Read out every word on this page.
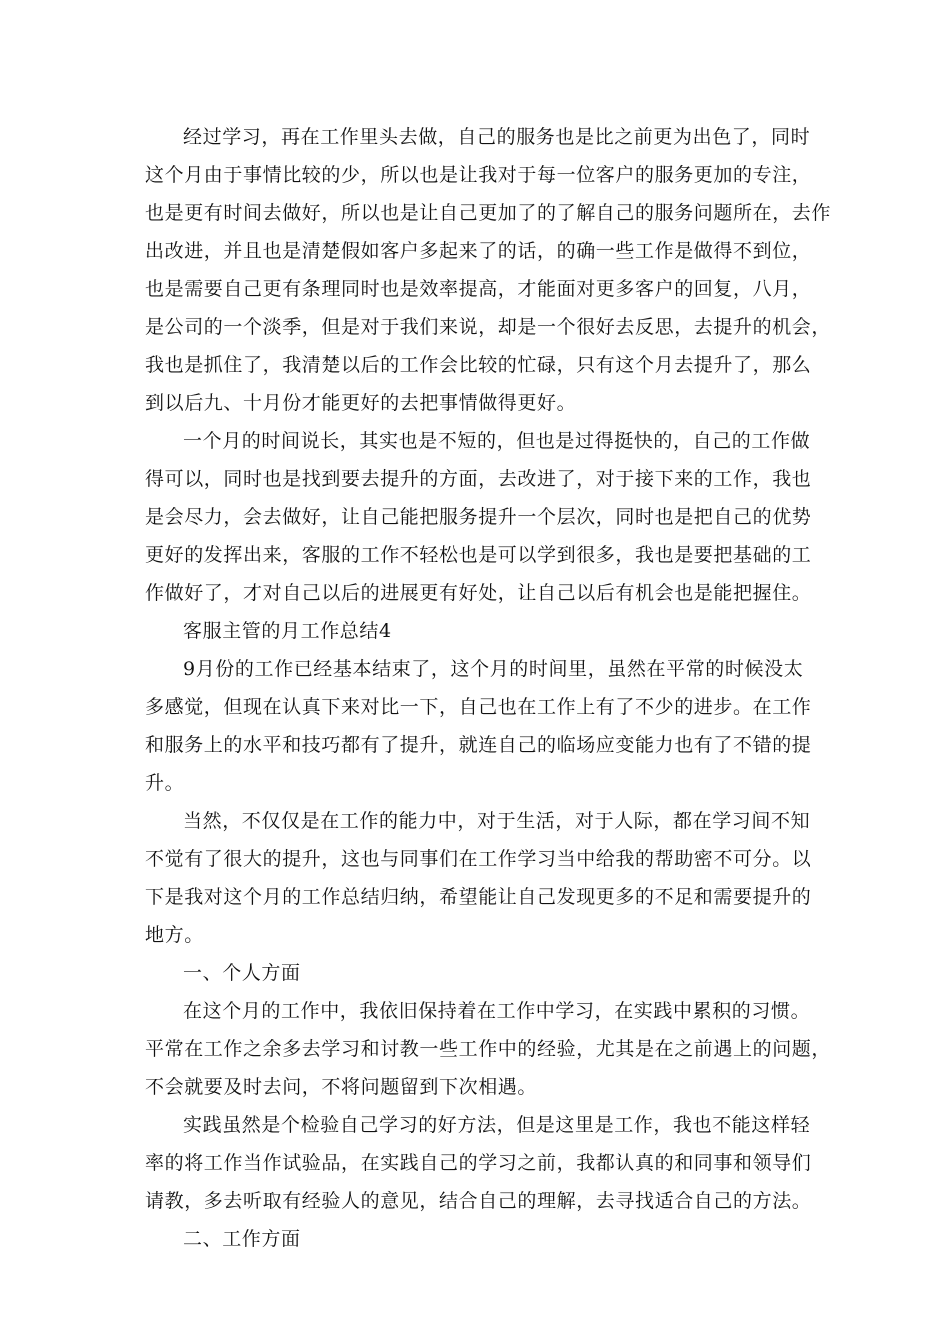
经过学习，再在工作里头去做，自己的服务也是比之前更为出色了，同时
这个月由于事情比较的少，所以也是让我对于每一位客户的服务更加的专注，
也是更有时间去做好，所以也是让自己更加了的了解自己的服务问题所在，去作
出改进，并且也是清楚假如客户多起来了的话，的确一些工作是做得不到位，
也是需要自己更有条理同时也是效率提高，才能面对更多客户的回复，八月，
是公司的一个淡季，但是对于我们来说，却是一个很好去反思，去提升的机会，
我也是抓住了，我清楚以后的工作会比较的忙碌，只有这个月去提升了，那么
到以后九、十月份才能更好的去把事情做得更好。
一个月的时间说长，其实也是不短的，但也是过得挺快的，自己的工作做
得可以，同时也是找到要去提升的方面，去改进了，对于接下来的工作，我也
是会尽力，会去做好，让自己能把服务提升一个层次，同时也是把自己的优势
更好的发挥出来，客服的工作不轻松也是可以学到很多，我也是要把基础的工
作做好了，才对自己以后的进展更有好处，让自己以后有机会也是能把握住。
客服主管的月工作总结4
9月份的工作已经基本结束了，这个月的时间里，虽然在平常的时候没太
多感觉，但现在认真下来对比一下，自己也在工作上有了不少的进步。在工作
和服务上的水平和技巧都有了提升，就连自己的临场应变能力也有了不错的提
升。
当然，不仅仅是在工作的能力中，对于生活，对于人际，都在学习间不知
不觉有了很大的提升，这也与同事们在工作学习当中给我的帮助密不可分。以
下是我对这个月的工作总结归纳，希望能让自己发现更多的不足和需要提升的
地方。
一、个人方面
在这个月的工作中，我依旧保持着在工作中学习，在实践中累积的习惯。
平常在工作之余多去学习和讨教一些工作中的经验，尤其是在之前遇上的问题，
不会就要及时去问，不将问题留到下次相遇。
实践虽然是个检验自己学习的好方法，但是这里是工作，我也不能这样轻
率的将工作当作试验品，在实践自己的学习之前，我都认真的和同事和领导们
请教，多去听取有经验人的意见，结合自己的理解，去寻找适合自己的方法。
二、工作方面
